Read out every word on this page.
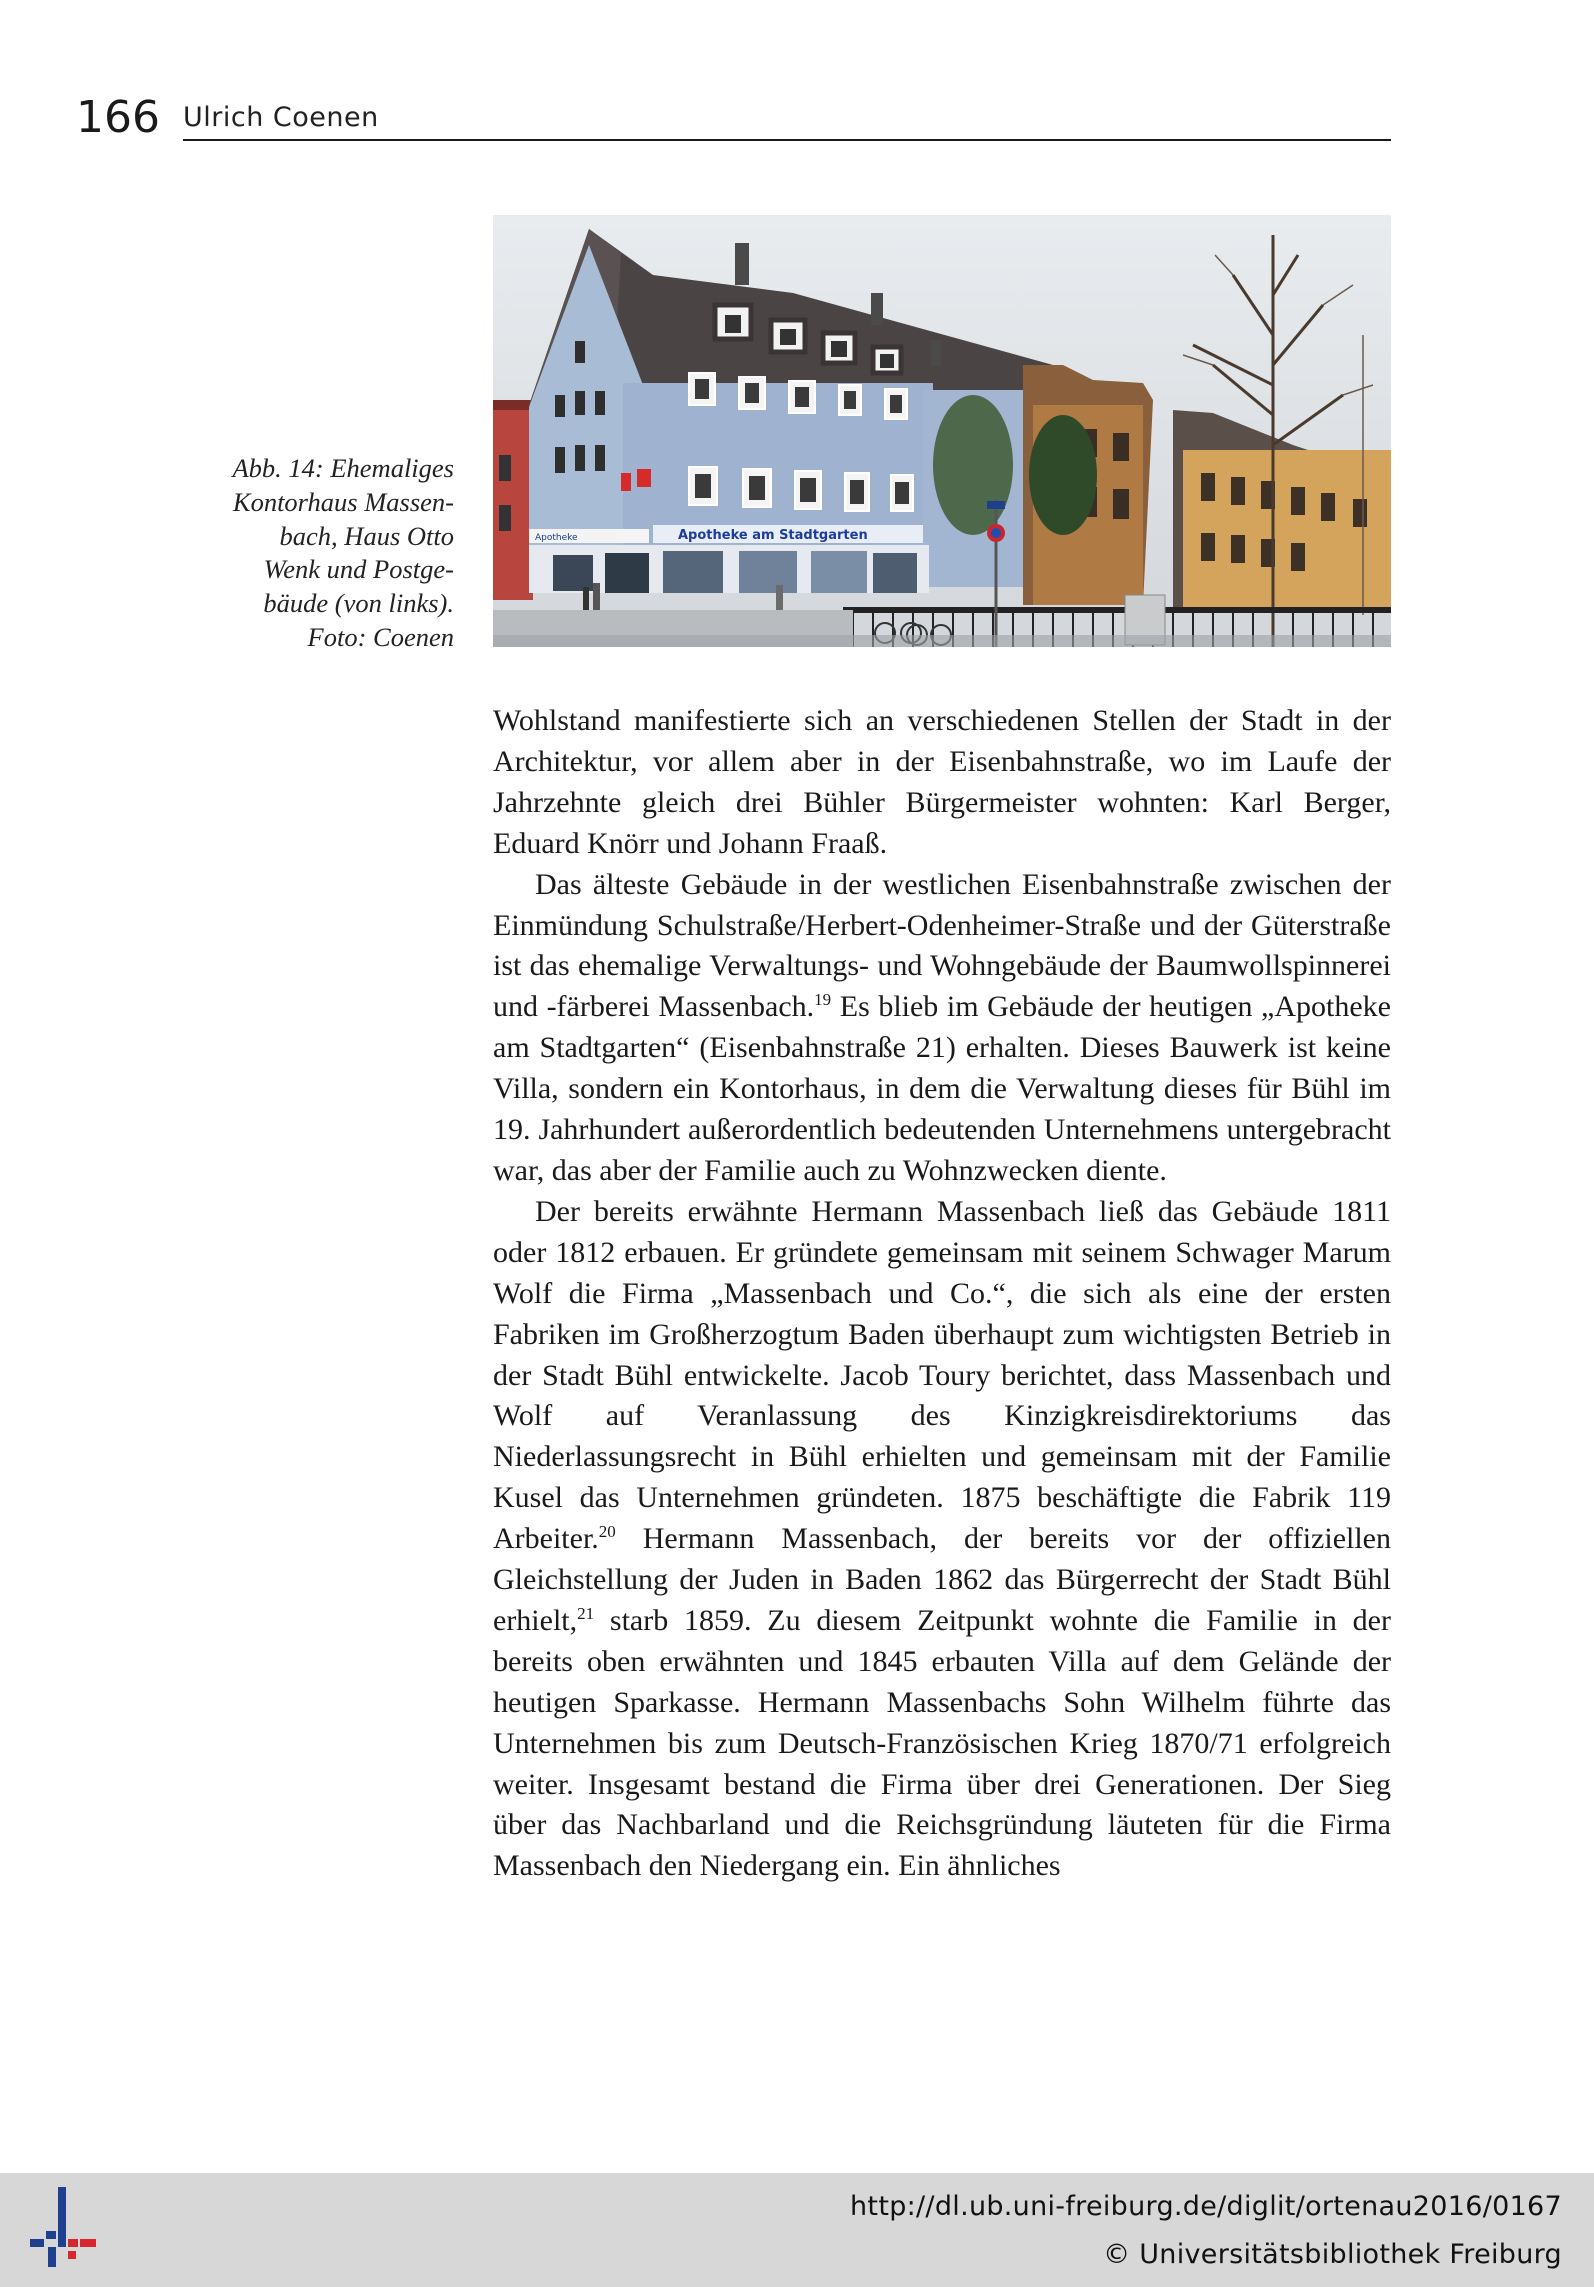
166 Ulrich Coenen
Abb. 14: Ehemaliges
Kontorhaus Massen-
bach, Haus Otto
Wenk und Postge-
bäude (von links).
Foto: Coenen
Apotheke	Apotheke am Stadtgarten

Wohlstand manifestierte sich an verschiedenen Stellen der Stadt in der Architektur, vor allem aber in der Eisenbahnstraße, wo im Laufe der Jahrzehnte gleich drei Bühler Bürgermeister wohnten: Karl Berger, Eduard Knörr und Johann Fraaß.

Das älteste Gebäude in der westlichen Eisenbahnstraße zwischen der Einmündung Schulstraße/Herbert-Odenheimer-Straße und der Güterstraße ist das ehemalige Verwaltungs- und Wohngebäude der Baumwollspinnerei und -färberei Massenbach.$^{19}$ Es blieb im Gebäude der heutigen „Apotheke am Stadtgarten“ (Eisenbahnstraße 21) erhalten. Dieses Bauwerk ist keine Villa, sondern ein Kontorhaus, in dem die Verwaltung dieses für Bühl im 19. Jahrhundert außerordentlich bedeutenden Unternehmens untergebracht war, das aber der Familie auch zu Wohnzwecken diente.

Der bereits erwähnte Hermann Massenbach ließ das Gebäude 1811 oder 1812 erbauen. Er gründete gemeinsam mit seinem Schwager Marum Wolf die Firma „Massenbach und Co.“, die sich als eine der ersten Fabriken im Großherzogtum Baden überhaupt zum wichtigsten Betrieb in der Stadt Bühl entwickelte. Jacob Toury berichtet, dass Massenbach und Wolf auf Veranlassung des Kinzigkreisdirektoriums das Niederlassungsrecht in Bühl erhielten und gemeinsam mit der Familie Kusel das Unternehmen gründeten. 1875 beschäftigte die Fabrik 119 Arbeiter.$^{20}$ Hermann Massenbach, der bereits vor der offiziellen Gleichstellung der Juden in Baden 1862 das Bürgerrecht der Stadt Bühl erhielt,$^{21}$ starb 1859. Zu diesem Zeitpunkt wohnte die Familie in der bereits oben erwähnten und 1845 erbauten Villa auf dem Gelände der heutigen Sparkasse. Hermann Massenbachs Sohn Wilhelm führte das Unternehmen bis zum Deutsch-Französischen Krieg 1870/71 erfolgreich weiter. Insgesamt bestand die Firma über drei Generationen. Der Sieg über das Nachbarland und die Reichsgründung läuteten für die Firma Massenbach den Niedergang ein. Ein ähnliches

http://dl.ub.uni-freiburg.de/diglit/ortenau2016/0167
© Universitätsbibliothek Freiburg
